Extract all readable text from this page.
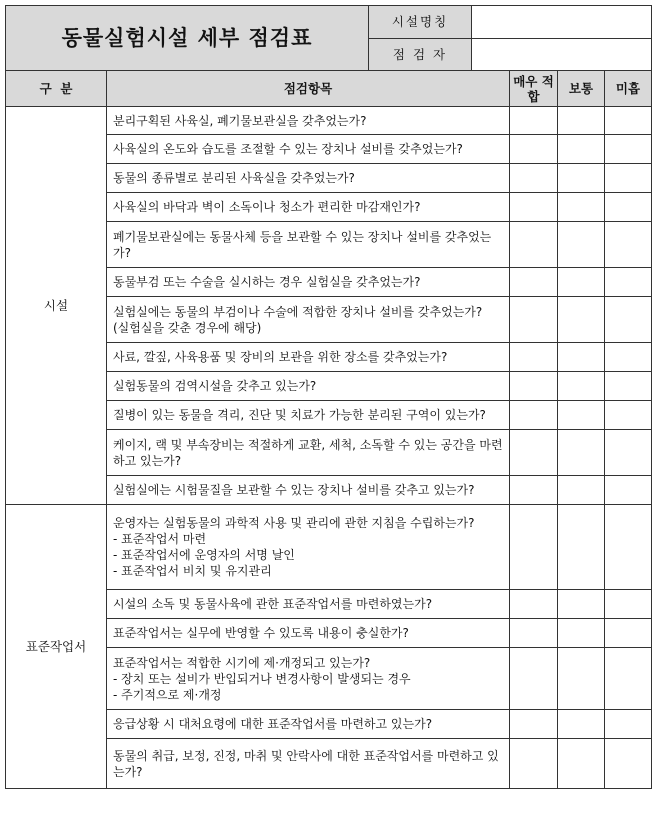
동물실험시설 세부 점검표		시설명칭				
		점 검 자				
구  분	점검항목			매우 적합	보통	미흡
시설	분리구획된 사육실, 폐기물보관실을 갖추었는가?					

	사육실의 온도와 습도를 조절할 수 있는 장치나 설비를 갖추었는가?					

	동물의 종류별로 분리된 사육실을 갖추었는가?					

	사육실의 바닥과 벽이 소독이나 청소가 편리한 마감재인가?					

	폐기물보관실에는 동물사체 등을 보관할 수 있는 장치나 설비를 갖추었는가?					

	동물부검 또는 수술을 실시하는 경우 실험실을 갖추었는가?					

	실험실에는 동물의 부검이나 수술에 적합한 장치나 설비를 갖추었는가?
(실험실을 갖춘 경우에 해당)					

	사료, 깔짚, 사육용품 및 장비의 보관을 위한 장소를 갖추었는가?					

	실험동물의 검역시설을 갖추고 있는가?					

	질병이 있는 동물을 격리, 진단 및 치료가 가능한 분리된 구역이 있는가?					

	케이지, 랙 및 부속장비는 적절하게 교환, 세척, 소독할 수 있는 공간을 마련하고 있는가?					

	실험실에는 시험물질을 보관할 수 있는 장치나 설비를 갖추고 있는가?					

표준작업서	운영자는 실험동물의 과학적 사용 및 관리에 관한 지침을 수립하는가?
- 표준작업서 마련
- 표준작업서에 운영자의 서명 날인
- 표준작업서 비치 및 유지관리					

	시설의 소독 및 동물사육에 관한 표준작업서를 마련하였는가?					

	표준작업서는 실무에 반영할 수 있도록 내용이 충실한가?					

	표준작업서는 적합한 시기에 제·개정되고 있는가?
- 장치 또는 설비가 반입되거나 변경사항이 발생되는 경우
- 주기적으로 제·개정					

	응급상황 시 대처요령에 대한 표준작업서를 마련하고 있는가?					

	동물의 취급, 보정, 진정, 마취 및 안락사에 대한 표준작업서를 마련하고 있는가?					
